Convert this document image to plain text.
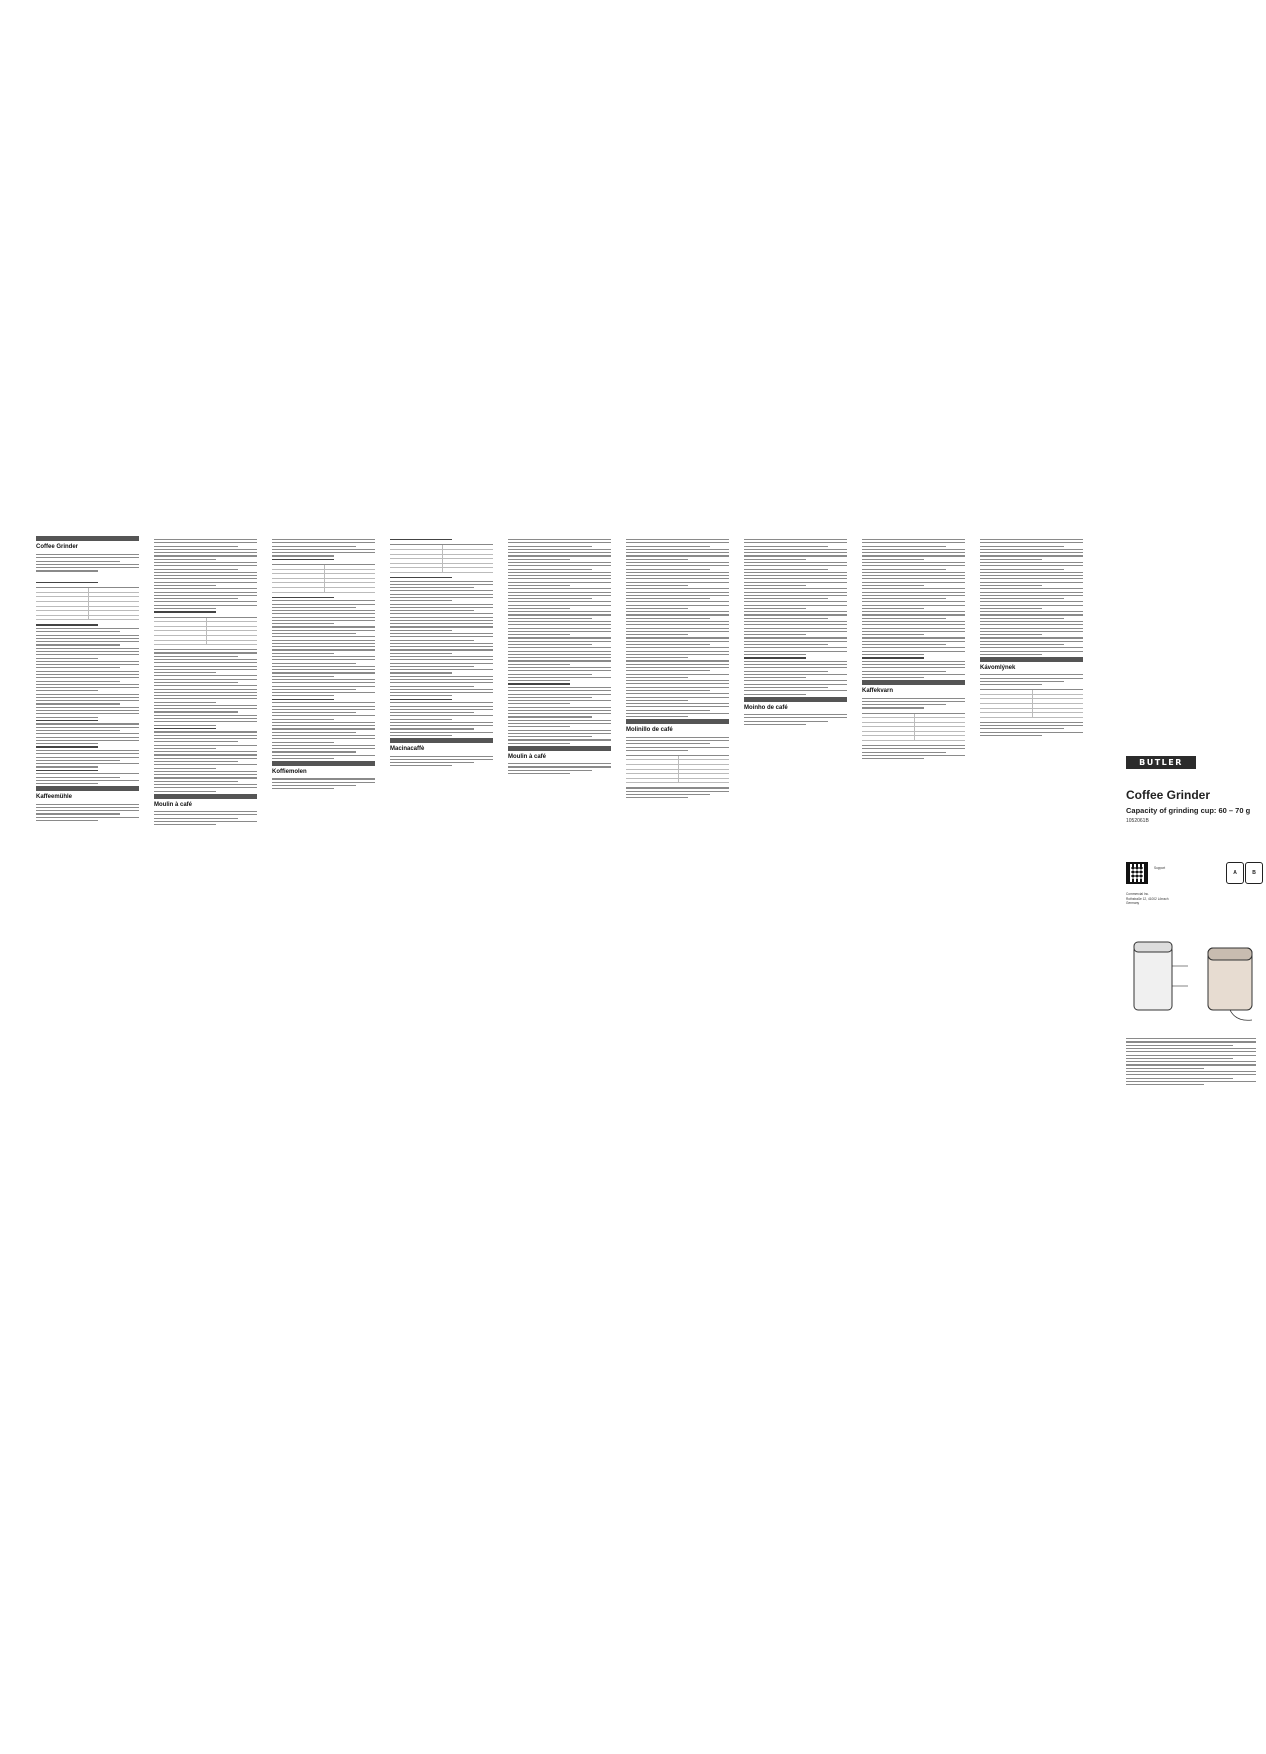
Coffee Grinder
Kaffeemühle
Moulin à café
Koffiemolen
Macinacaffè
Moulin à café
Molinillo de café
Moinho de café
Kaffekvarn
Kávomlýnek
BUTLER
Coffee Grinder
Capacity of grinding cup: 60 – 70 g
1052061B
Support
A	B
Commercial Inc.
Rothstraße 12, 41002 Lörrach
Germany
